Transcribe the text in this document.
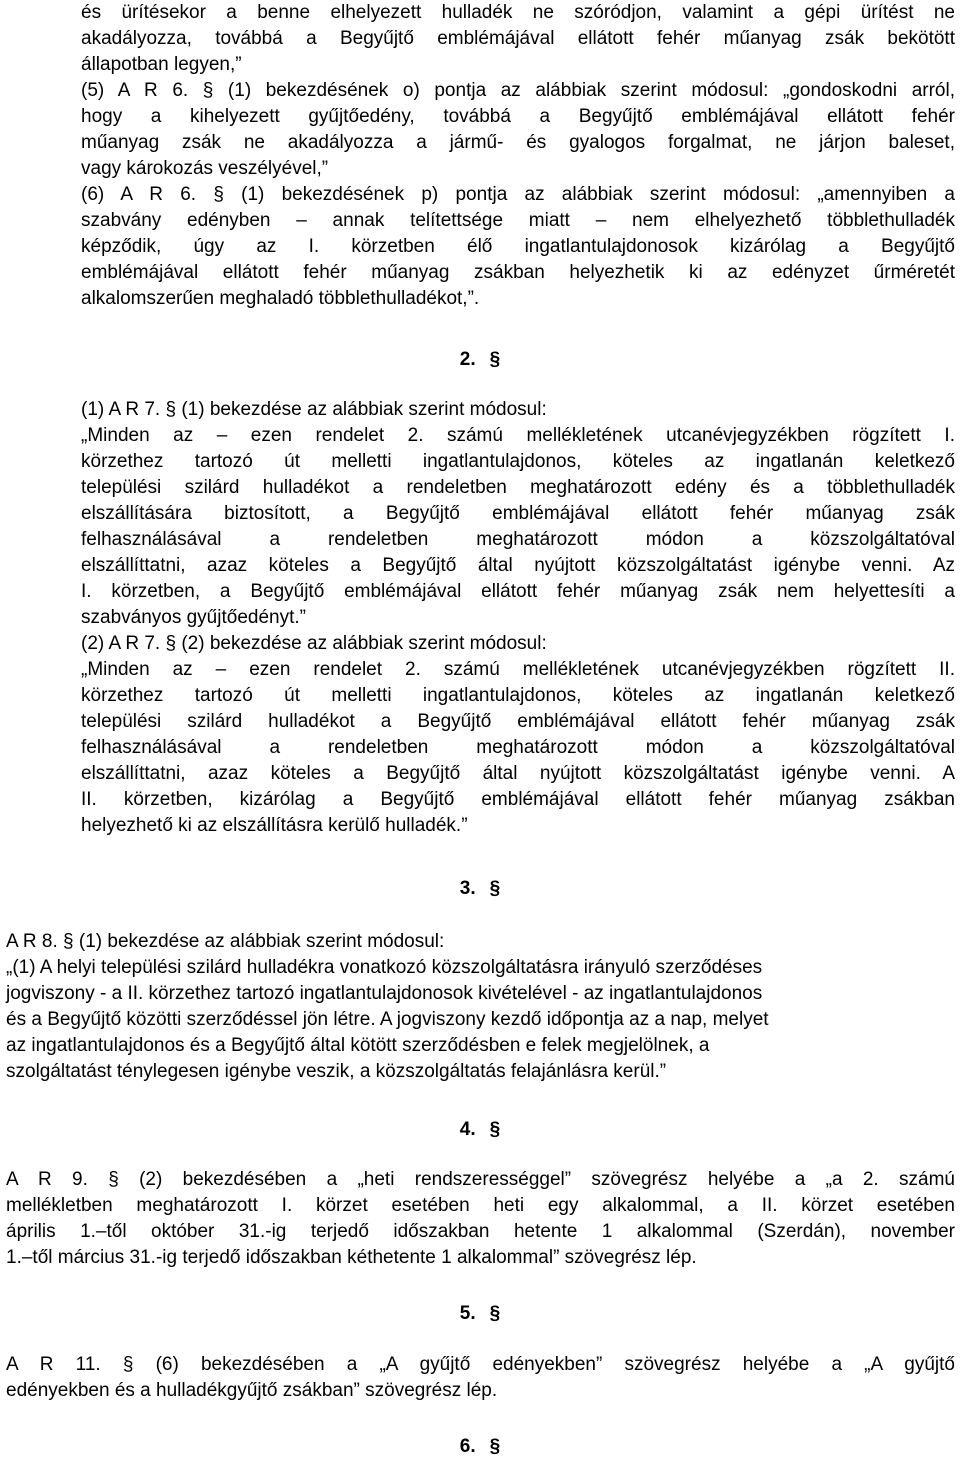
és ürítésekor a benne elhelyezett hulladék ne szóródjon, valamint a gépi ürítést ne
akadályozza, továbbá a Begyűjtő emblémájával ellátott fehér műanyag zsák bekötött
állapotban legyen,”
(5) A R 6. § (1) bekezdésének o) pontja az alábbiak szerint módosul: „gondoskodni arról,
hogy a kihelyezett gyűjtőedény, továbbá a Begyűjtő emblémájával ellátott fehér
műanyag zsák ne akadályozza a jármű- és gyalogos forgalmat, ne járjon baleset,
vagy károkozás veszélyével,”
(6) A R 6. § (1) bekezdésének p) pontja az alábbiak szerint módosul: „amennyiben a
szabvány edényben – annak telítettsége miatt – nem elhelyezhető többlethulladék
képződik, úgy az I. körzetben élő ingatlantulajdonosok kizárólag a Begyűjtő
emblémájával ellátott fehér műanyag zsákban helyezhetik ki az edényzet űrméretét
alkalomszerűen meghaladó többlethulladékot,”.
2. §
(1) A R 7. § (1) bekezdése az alábbiak szerint módosul:
„Minden az – ezen rendelet 2. számú mellékletének utcanévjegyzékben rögzített I.
körzethez tartozó út melletti ingatlantulajdonos, köteles az ingatlanán keletkező
települési szilárd hulladékot a rendeletben meghatározott edény és a többlethulladék
elszállítására biztosított, a Begyűjtő emblémájával ellátott fehér műanyag zsák
felhasználásával a rendeletben meghatározott módon a közszolgáltatóval
elszállíttatni, azaz köteles a Begyűjtő által nyújtott közszolgáltatást igénybe venni. Az
I. körzetben, a Begyűjtő emblémájával ellátott fehér műanyag zsák nem helyettesíti a
szabványos gyűjtőedényt.”
(2) A R 7. § (2) bekezdése az alábbiak szerint módosul:
„Minden az – ezen rendelet 2. számú mellékletének utcanévjegyzékben rögzített II.
körzethez tartozó út melletti ingatlantulajdonos, köteles az ingatlanán keletkező
települési szilárd hulladékot a Begyűjtő emblémájával ellátott fehér műanyag zsák
felhasználásával a rendeletben meghatározott módon a közszolgáltatóval
elszállíttatni, azaz köteles a Begyűjtő által nyújtott közszolgáltatást igénybe venni. A
II. körzetben, kizárólag a Begyűjtő emblémájával ellátott fehér műanyag zsákban
helyezhető ki az elszállításra kerülő hulladék.”
3. §
A R 8. § (1) bekezdése az alábbiak szerint módosul:
„(1) A helyi települési szilárd hulladékra vonatkozó közszolgáltatásra irányuló szerződéses
jogviszony - a II. körzethez tartozó ingatlantulajdonosok kivételével - az ingatlantulajdonos
és a Begyűjtő közötti szerződéssel jön létre. A jogviszony kezdő időpontja az a nap, melyet
az ingatlantulajdonos és a Begyűjtő által kötött szerződésben e felek megjelölnek, a
szolgáltatást ténylegesen igénybe veszik, a közszolgáltatás felajánlásra kerül.”
4. §
A R 9. § (2) bekezdésében a „heti rendszerességgel” szövegrész helyébe a „a 2. számú
mellékletben meghatározott I. körzet esetében heti egy alkalommal, a II. körzet esetében
április 1.–től október 31.-ig terjedő időszakban hetente 1 alkalommal (Szerdán), november
1.–től március 31.-ig terjedő időszakban kéthetente 1 alkalommal” szövegrész lép.
5. §
A R 11. § (6) bekezdésében a „A gyűjtő edényekben” szövegrész helyébe a „A gyűjtő
edényekben és a hulladékgyűjtő zsákban” szövegrész lép.
6. §
